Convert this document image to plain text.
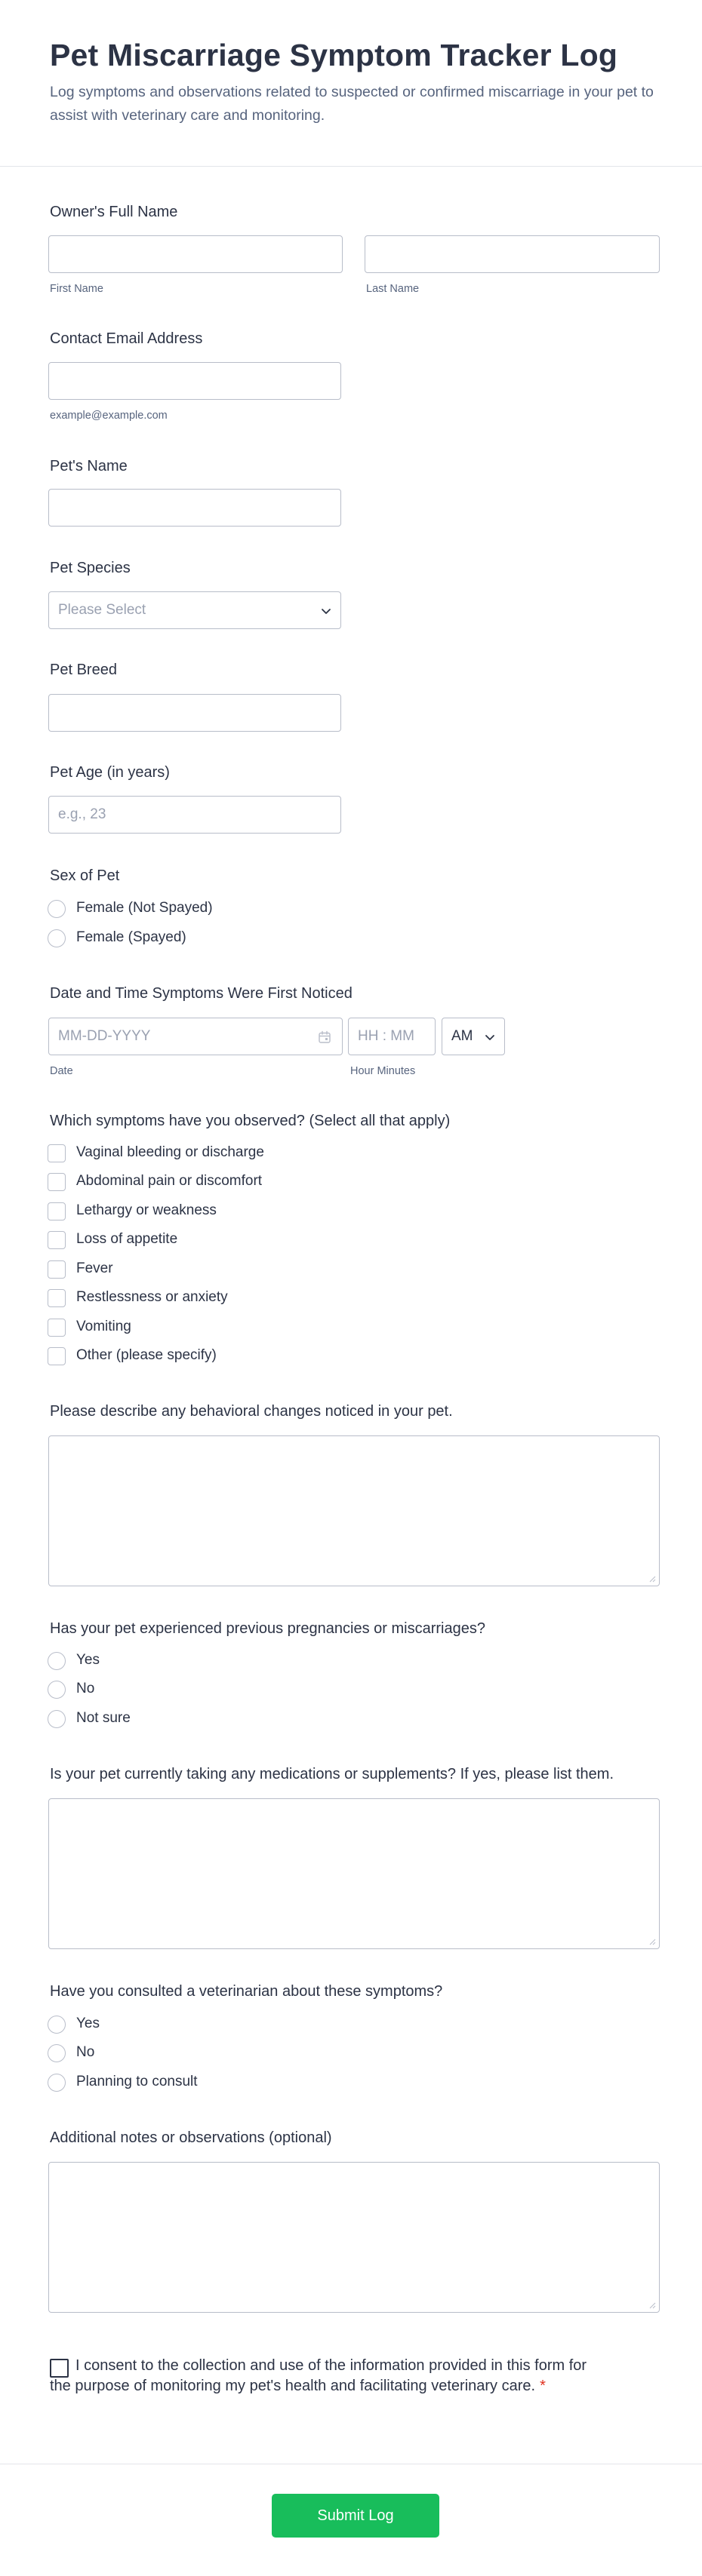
Pet Miscarriage Symptom Tracker Log
Log symptoms and observations related to suspected or confirmed miscarriage in your pet to assist with veterinary care and monitoring.
Owner's Full Name
First Name	Last Name
Contact Email Address
example@example.com
Pet's Name
Pet Species
Please Select
Pet Breed
Pet Age (in years)
e.g., 23
Sex of Pet
Female (Not Spayed)
Female (Spayed)
Date and Time Symptoms Were First Noticed
MM-DD-YYYY
Date
HH : MM
Hour Minutes
AM
Which symptoms have you observed? (Select all that apply)
Vaginal bleeding or discharge
Abdominal pain or discomfort
Lethargy or weakness
Loss of appetite
Fever
Restlessness or anxiety
Vomiting
Other (please specify)
Please describe any behavioral changes noticed in your pet.
Has your pet experienced previous pregnancies or miscarriages?
Yes
No
Not sure
Is your pet currently taking any medications or supplements? If yes, please list them.
Have you consulted a veterinarian about these symptoms?
Yes
No
Planning to consult
Additional notes or observations (optional)
I consent to the collection and use of the information provided in this form for the purpose of monitoring my pet's health and facilitating veterinary care. *
Submit Log
